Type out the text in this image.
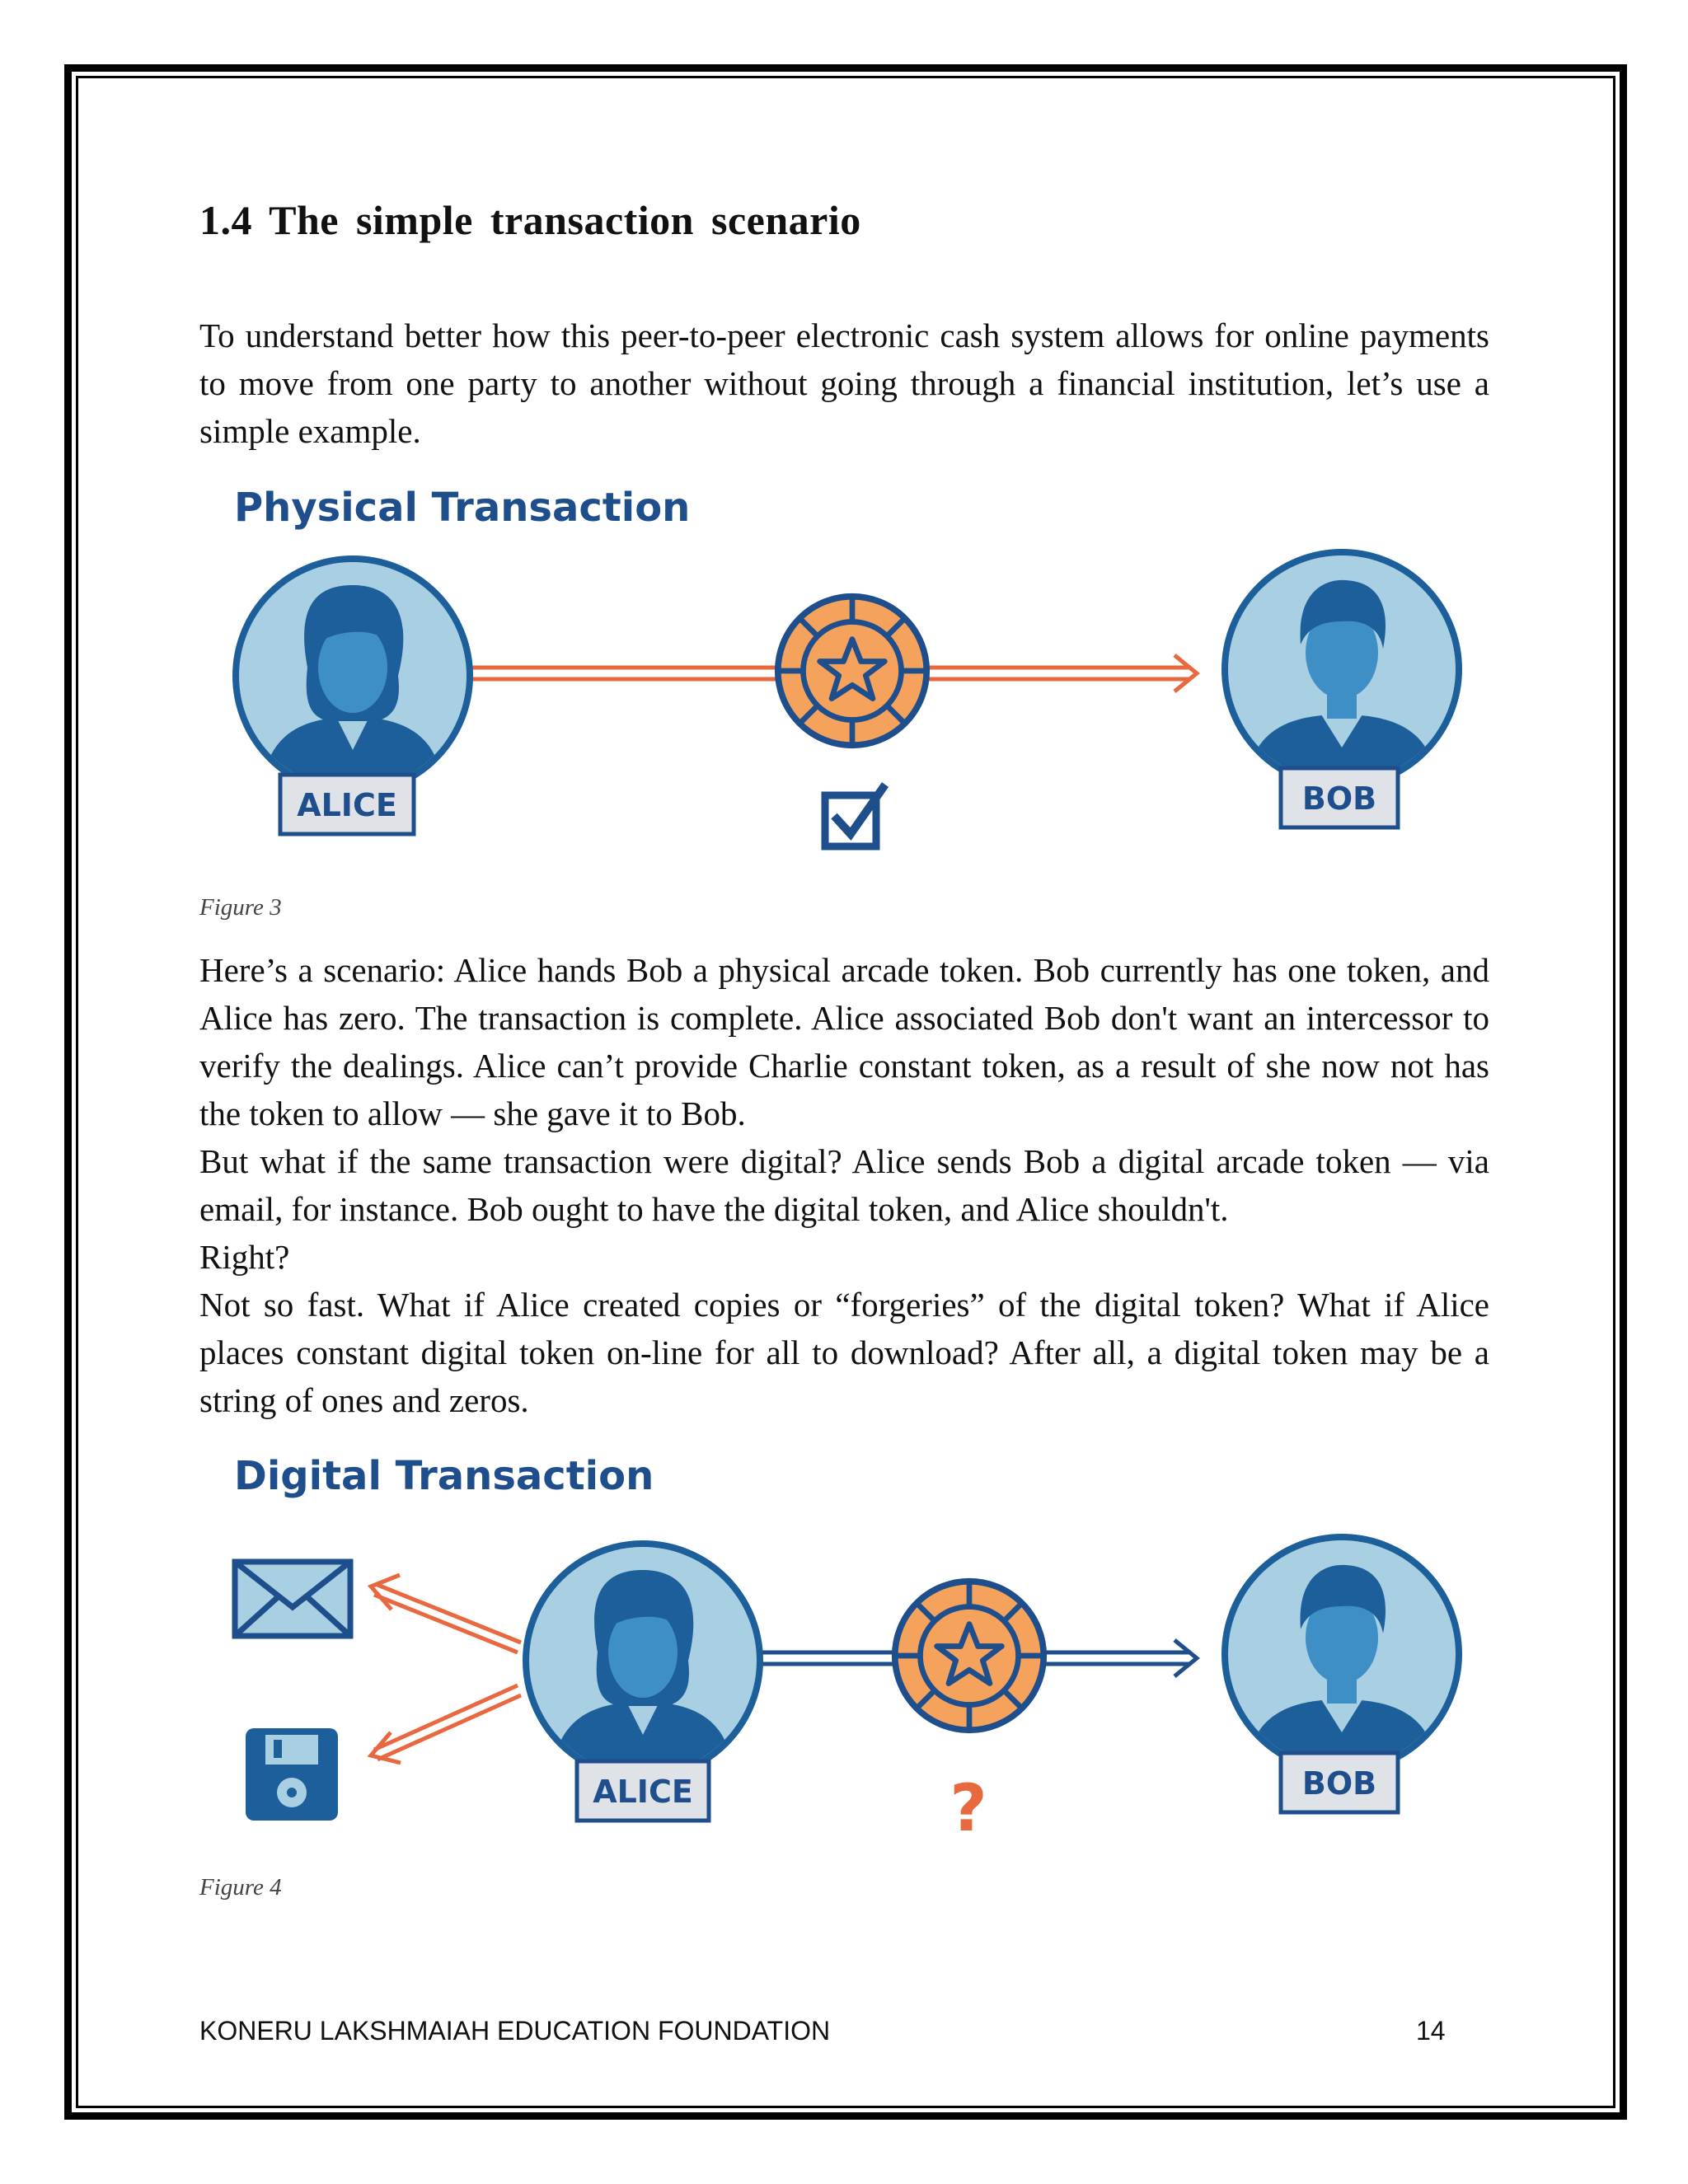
1.4 The simple transaction scenario

To understand better how this peer-to-peer electronic cash system allows for online payments to move from one party to another without going through a financial institution, let’s use a simple example.

Physical Transaction
ALICE	BOB

Figure 3

Here’s a scenario: Alice hands Bob a physical arcade token. Bob currently has one token, and Alice has zero. The transaction is complete. Alice associated Bob don't want an intercessor to verify the dealings. Alice can’t provide Charlie constant token, as a result of she now not has the token to allow — she gave it to Bob.

But what if the same transaction were digital? Alice sends Bob a digital arcade token — via email, for instance. Bob ought to have the digital token, and Alice shouldn't.

Right?

Not so fast. What if Alice created copies or “forgeries” of the digital token? What if Alice places constant digital token on-line for all to download? After all, a digital token may be a string of ones and zeros.

Digital Transaction
ALICE	?	BOB

Figure 4

KONERU LAKSHMAIAH EDUCATION FOUNDATION	14
